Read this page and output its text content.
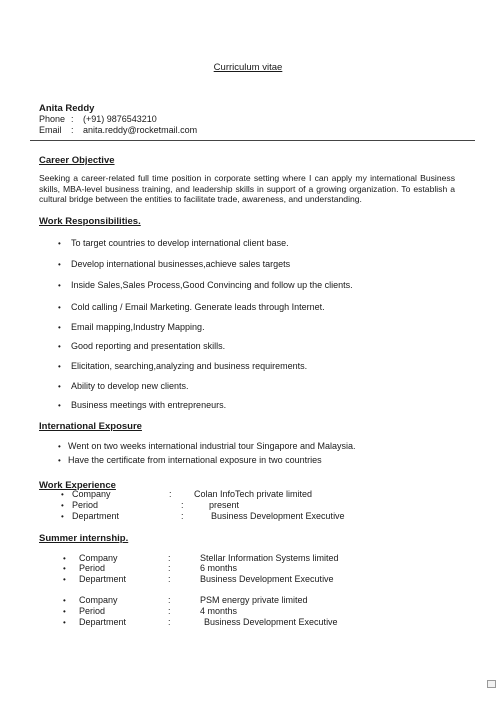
Curriculum vitae
Anita Reddy
Phone : (+91) 9876543210
Email : anita.reddy@rocketmail.com
Career Objective
Seeking a career-related full time position in corporate setting where I can apply my international Business skills, MBA-level business training, and leadership skills in support of a growing organization. To establish a cultural bridge between the entities to facilitate trade, awareness, and understanding.
Work Responsibilities.
• To target countries to develop international client base.
• Develop international businesses,achieve sales targets
• Inside Sales,Sales Process,Good Convincing and follow up the clients.
• Cold calling / Email Marketing. Generate leads through Internet.
• Email mapping,Industry Mapping.
• Good reporting and presentation skills.
• Elicitation, searching,analyzing and business requirements.
• Ability to develop new clients.
• Business meetings with entrepreneurs.
International Exposure
• Went on two weeks international industrial tour Singapore and Malaysia.
• Have the certificate from international exposure in two countries
Work Experience
• Company	: Colan InfoTech private limited
• Period	:	present
• Department	:	Business Development Executive
Summer internship.
• Company	:	Stellar Information Systems limited
• Period	:	6 months
• Department	:	Business Development Executive
• Company	:	PSM energy private limited
• Period	:	4 months
• Department	:	Business Development Executive
